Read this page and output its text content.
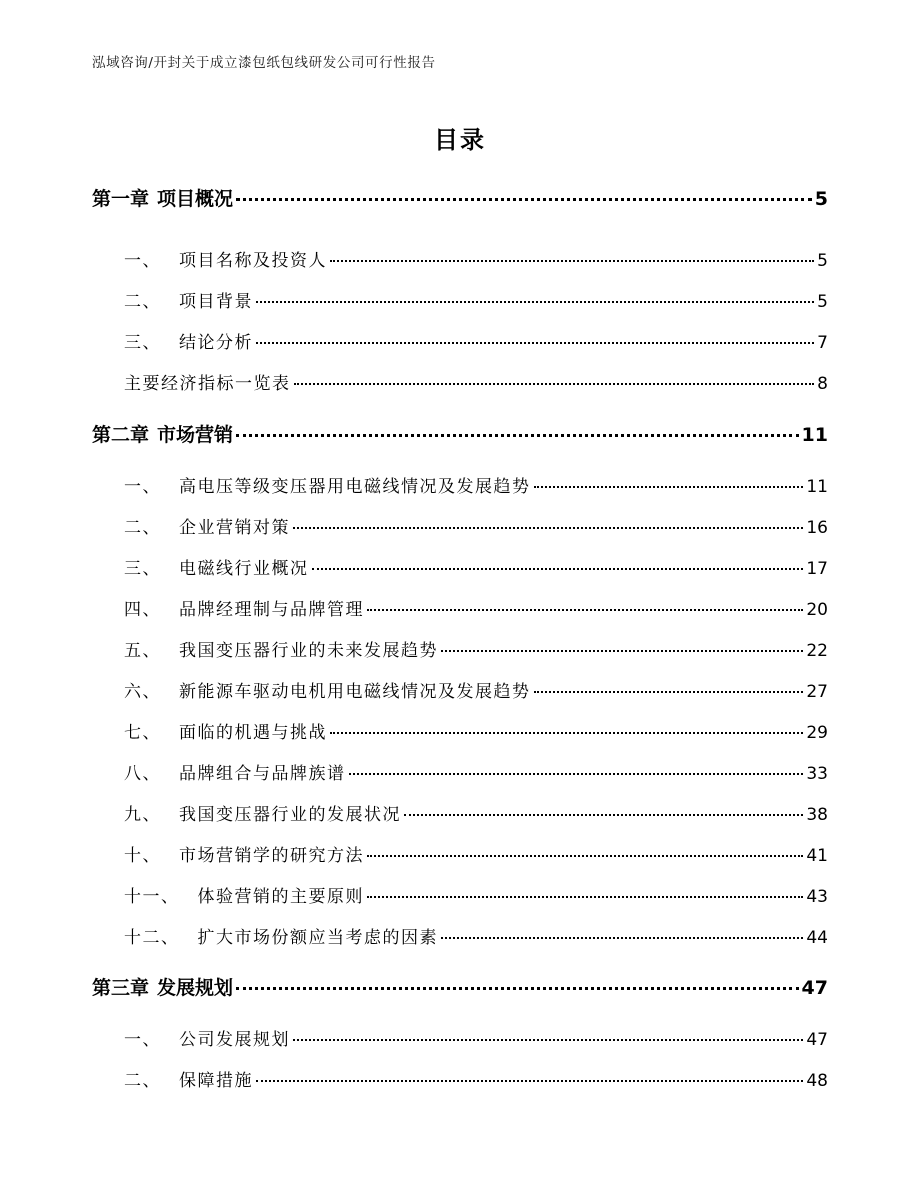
泓域咨询/开封关于成立漆包纸包线研发公司可行性报告
目录
第一章 项目概况	5
一、 项目名称及投资人	5
二、 项目背景	5
三、 结论分析	7
主要经济指标一览表	8
第二章 市场营销	11
一、 高电压等级变压器用电磁线情况及发展趋势	11
二、 企业营销对策	16
三、 电磁线行业概况	17
四、 品牌经理制与品牌管理	20
五、 我国变压器行业的未来发展趋势	22
六、 新能源车驱动电机用电磁线情况及发展趋势	27
七、 面临的机遇与挑战	29
八、 品牌组合与品牌族谱	33
九、 我国变压器行业的发展状况	38
十、 市场营销学的研究方法	41
十一、 体验营销的主要原则	43
十二、 扩大市场份额应当考虑的因素	44
第三章 发展规划	47
一、 公司发展规划	47
二、 保障措施	48
